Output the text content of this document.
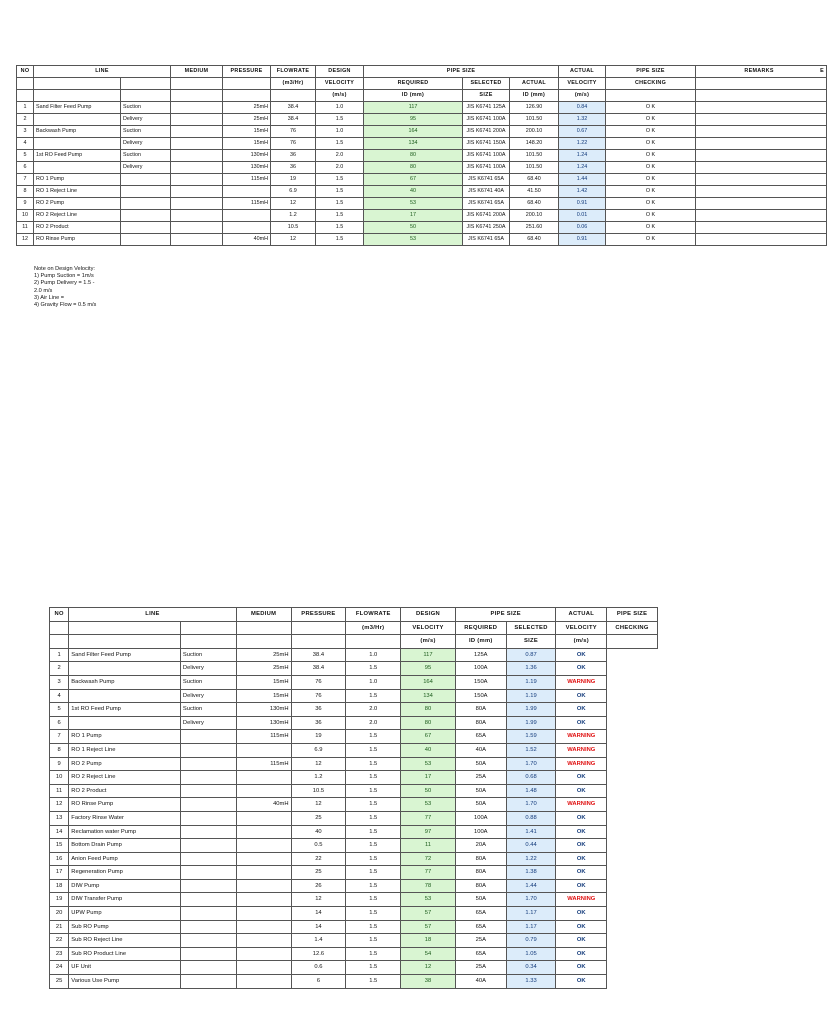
NO	LINE		MEDIUM	PRESSURE	FLOWRATE	DESIGN	PIPE SIZE			ACTUAL	PIPE SIZE	REMARKS E

					(m3/Hr)	VELOCITY	REQUIRED	SELECTED	ACTUAL	VELOCITY	CHECKING	
						(m/s)	ID (mm)	SIZE	ID (mm)	(m/s)		
1	Sand Filter Feed Pump	Suction		25mH	38.4	1.0	117	JIS K6741 125A	126.90	0.84	O K	
2		Delivery		25mH	38.4	1.5	95	JIS K6741 100A	101.50	1.32	O K	
3	Backwash Pump	Suction		15mH	76	1.0	164	JIS K6741 200A	200.10	0.67	O K	
4		Delivery		15mH	76	1.5	134	JIS K6741 150A	148.20	1.22	O K	
5	1st RO Feed Pump	Suction		130mH	36	2.0	80	JIS K6741 100A	101.50	1.24	O K	
6		Delivery		130mH	36	2.0	80	JIS K6741 100A	101.50	1.24	O K	
7	RO 1 Pump			115mH	19	1.5	67	JIS K6741 65A	68.40	1.44	O K	
8	RO 1 Reject Line				6.9	1.5	40	JIS K6741 40A	41.50	1.42	O K	
9	RO 2 Pump			115mH	12	1.5	53	JIS K6741 65A	68.40	0.91	O K	
10	RO 2 Reject Line				1.2	1.5	17	JIS K6741 200A	200.10	0.01	O K	
11	RO 2 Product				10.5	1.5	50	JIS K6741 250A	251.60	0.06	O K	
12	RO Rinse Pump			40mH	12	1.5	53	JIS K6741 65A	68.40	0.91	O K	
Note on Design Velocity:
1) Pump Suction = 1m/s
2) Pump Delivery = 1.5 -
2.0 m/s
3) Air Line =
4) Gravity Flow = 0.5 m/s
NO	LINE		MEDIUM	PRESSURE	FLOWRATE	DESIGN	PIPE SIZE		ACTUAL	PIPE SIZE
					(m3/Hr)	VELOCITY	REQUIRED	SELECTED	VELOCITY	CHECKING
						(m/s)	ID (mm)	SIZE	(m/s)	
1	Sand Filter Feed Pump	Suction	25mH	38.4	1.0	117	125A	0.87	OK	
2		Delivery	25mH	38.4	1.5	95	100A	1.36	OK	
3	Backwash Pump	Suction	15mH	76	1.0	164	150A	1.19	WARNING	
4		Delivery	15mH	76	1.5	134	150A	1.19	OK	
5	1st RO Feed Pump	Suction	130mH	36	2.0	80	80A	1.99	OK	
6		Delivery	130mH	36	2.0	80	80A	1.99	OK	
7	RO 1 Pump		115mH	19	1.5	67	65A	1.59	WARNING	
8	RO 1 Reject Line			6.9	1.5	40	40A	1.52	WARNING	
9	RO 2 Pump		115mH	12	1.5	53	50A	1.70	WARNING	
10	RO 2 Reject Line			1.2	1.5	17	25A	0.68	OK	
11	RO 2 Product			10.5	1.5	50	50A	1.48	OK	
12	RO Rinse Pump		40mH	12	1.5	53	50A	1.70	WARNING	
13	Factory Rinse Water			25	1.5	77	100A	0.88	OK	
14	Reclamation water Pump			40	1.5	97	100A	1.41	OK	
15	Bottom Drain Pump			0.5	1.5	11	20A	0.44	OK	
16	Anion Feed Pump			22	1.5	72	80A	1.22	OK	
17	Regeneration Pump			25	1.5	77	80A	1.38	OK	
18	DIW Pump			26	1.5	78	80A	1.44	OK	
19	DIW Transfer Pump			12	1.5	53	50A	1.70	WARNING	
20	UPW Pump			14	1.5	57	65A	1.17	OK	
21	Sub RO Pump			14	1.5	57	65A	1.17	OK	
22	Sub RO Reject Line			1.4	1.5	18	25A	0.79	OK	
23	Sub RO Product Line			12.6	1.5	54	65A	1.05	OK	
24	UF Unit			0.6	1.5	12	25A	0.34	OK	
25	Various Use Pump			6	1.5	38	40A	1.33	OK	
